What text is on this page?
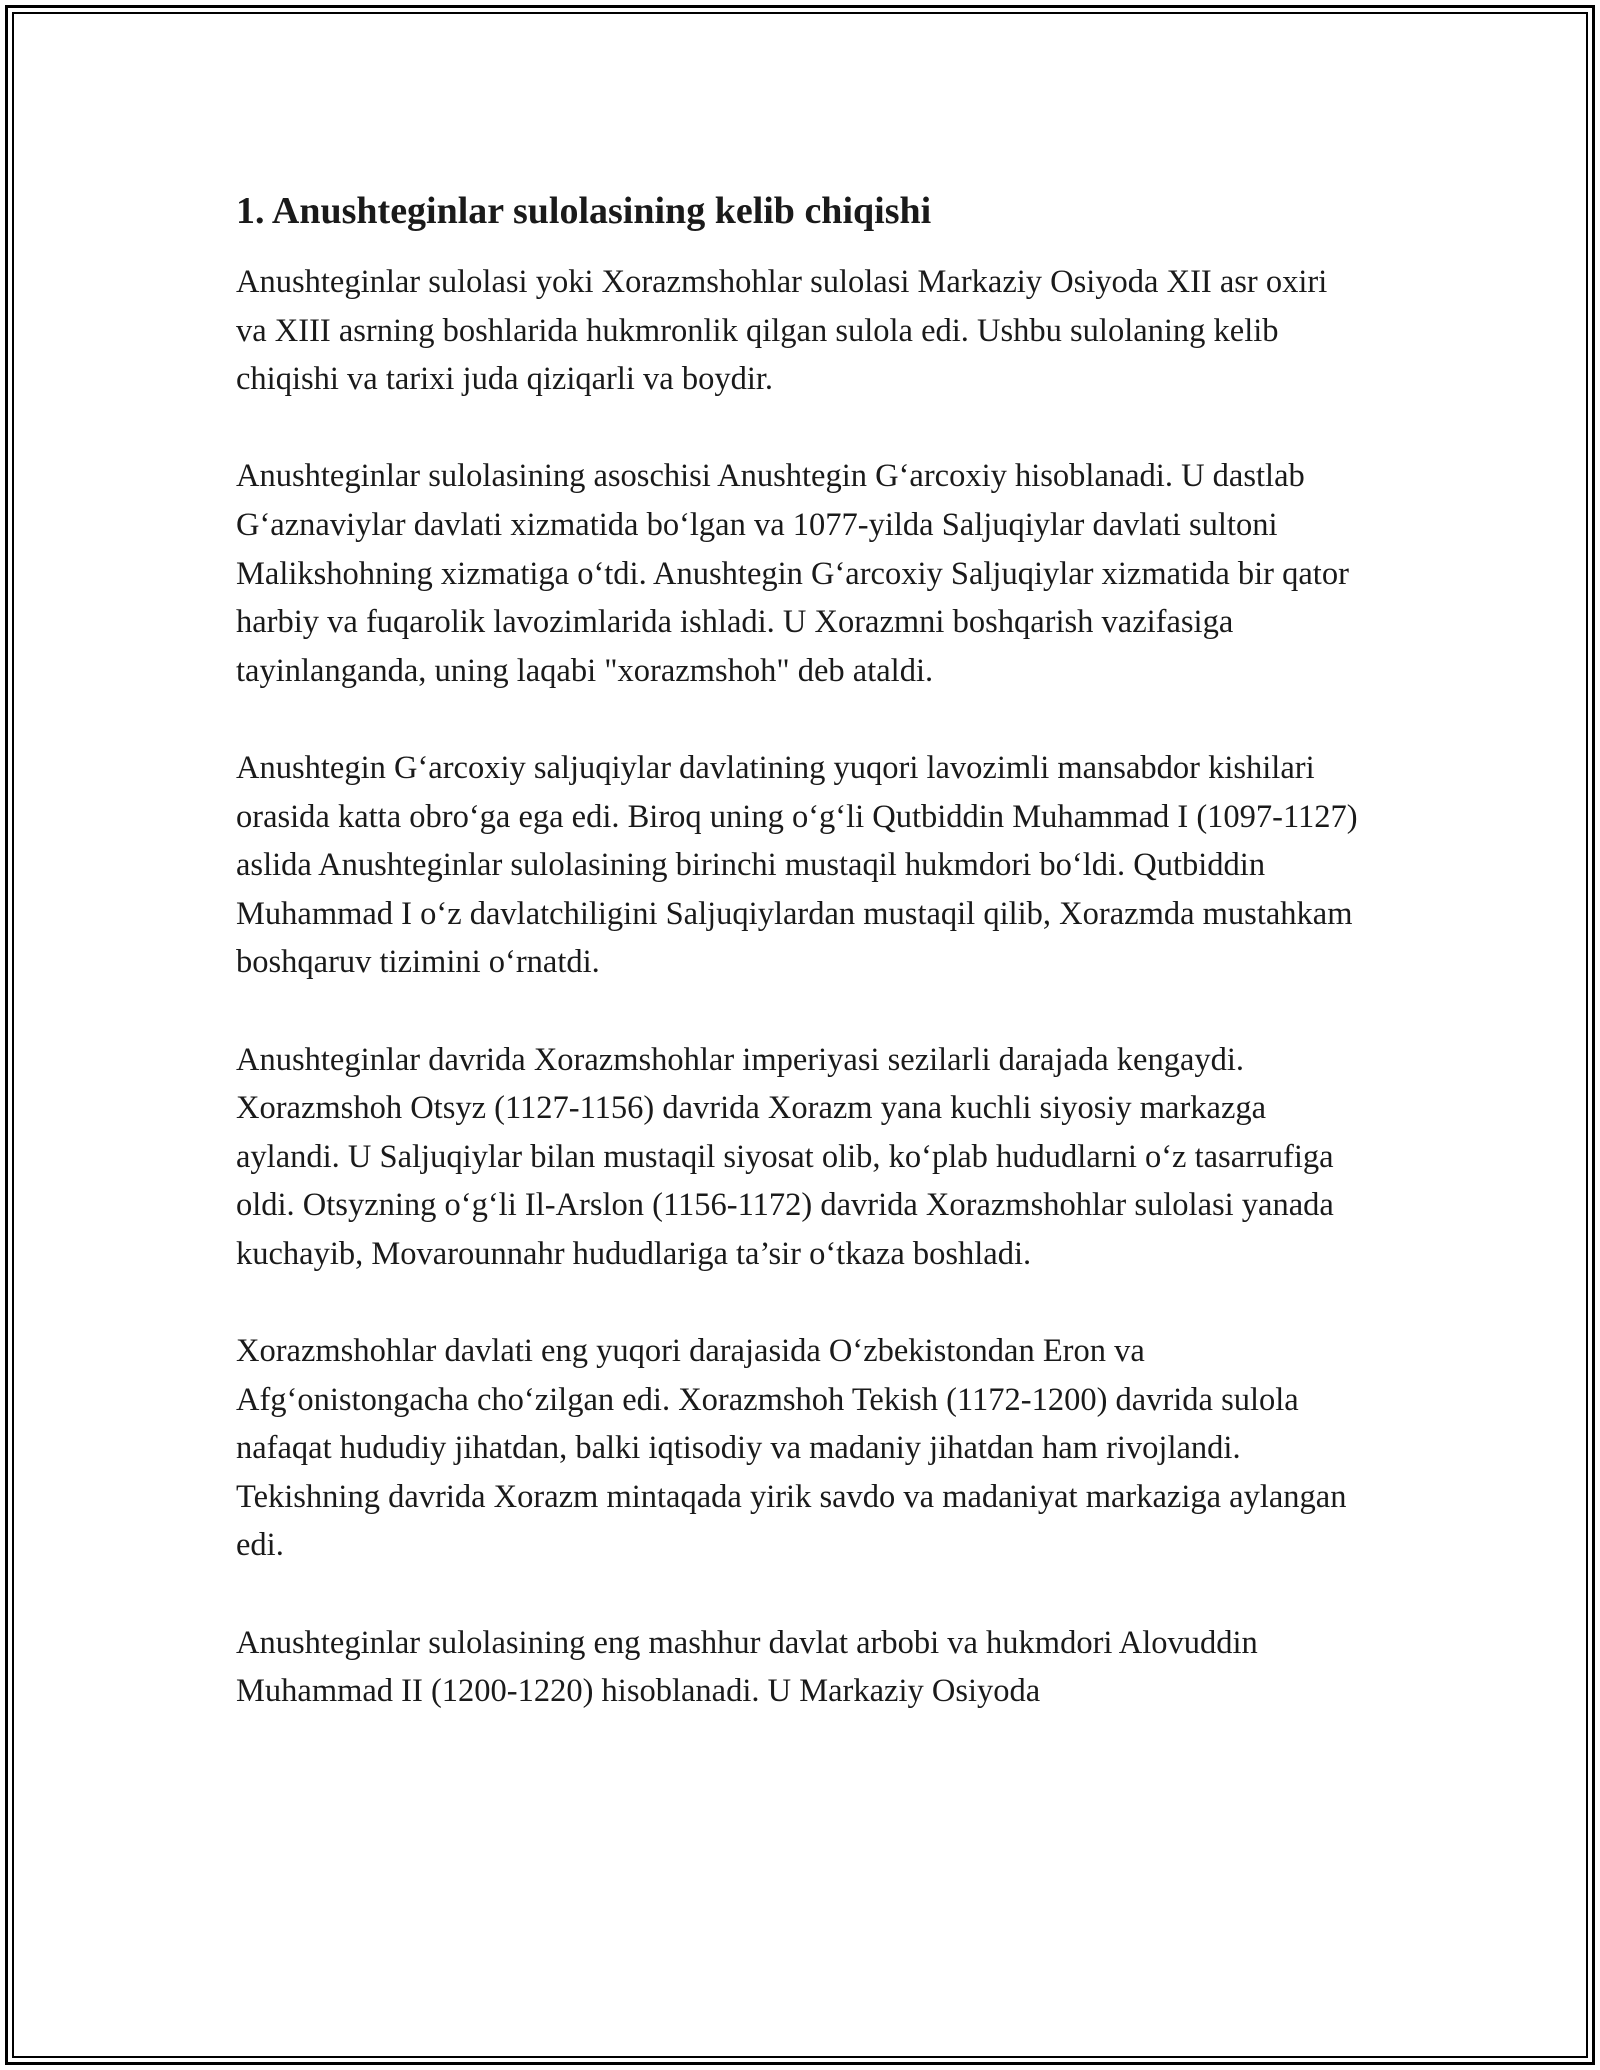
1. Anushteginlar sulolasining kelib chiqishi

Anushteginlar sulolasi yoki Xorazmshohlar sulolasi Markaziy Osiyoda XII asr oxiri va XIII asrning boshlarida hukmronlik qilgan sulola edi. Ushbu sulolaning kelib chiqishi va tarixi juda qiziqarli va boydir.

Anushteginlar sulolasining asoschisi Anushtegin G‘arcoxiy hisoblanadi. U dastlab G‘aznaviylar davlati xizmatida bo‘lgan va 1077-yilda Saljuqiylar davlati sultoni Malikshohning xizmatiga o‘tdi. Anushtegin G‘arcoxiy Saljuqiylar xizmatida bir qator harbiy va fuqarolik lavozimlarida ishladi. U Xorazmni boshqarish vazifasiga tayinlanganda, uning laqabi "xorazmshoh" deb ataldi.

Anushtegin G‘arcoxiy saljuqiylar davlatining yuqori lavozimli mansabdor kishilari orasida katta obro‘ga ega edi. Biroq uning o‘g‘li Qutbiddin Muhammad I (1097-1127) aslida Anushteginlar sulolasining birinchi mustaqil hukmdori bo‘ldi. Qutbiddin Muhammad I o‘z davlatchiligini Saljuqiylardan mustaqil qilib, Xorazmda mustahkam boshqaruv tizimini o‘rnatdi.

Anushteginlar davrida Xorazmshohlar imperiyasi sezilarli darajada kengaydi. Xorazmshoh Otsyz (1127-1156) davrida Xorazm yana kuchli siyosiy markazga aylandi. U Saljuqiylar bilan mustaqil siyosat olib, ko‘plab hududlarni o‘z tasarrufiga oldi. Otsyzning o‘g‘li Il-Arslon (1156-1172) davrida Xorazmshohlar sulolasi yanada kuchayib, Movarounnahr hududlariga ta’sir o‘tkaza boshladi.

Xorazmshohlar davlati eng yuqori darajasida O‘zbekistondan Eron va Afg‘onistongacha cho‘zilgan edi. Xorazmshoh Tekish (1172-1200) davrida sulola nafaqat hududiy jihatdan, balki iqtisodiy va madaniy jihatdan ham rivojlandi. Tekishning davrida Xorazm mintaqada yirik savdo va madaniyat markaziga aylangan edi.

Anushteginlar sulolasining eng mashhur davlat arbobi va hukmdori Alovuddin Muhammad II (1200-1220) hisoblanadi. U Markaziy Osiyoda
